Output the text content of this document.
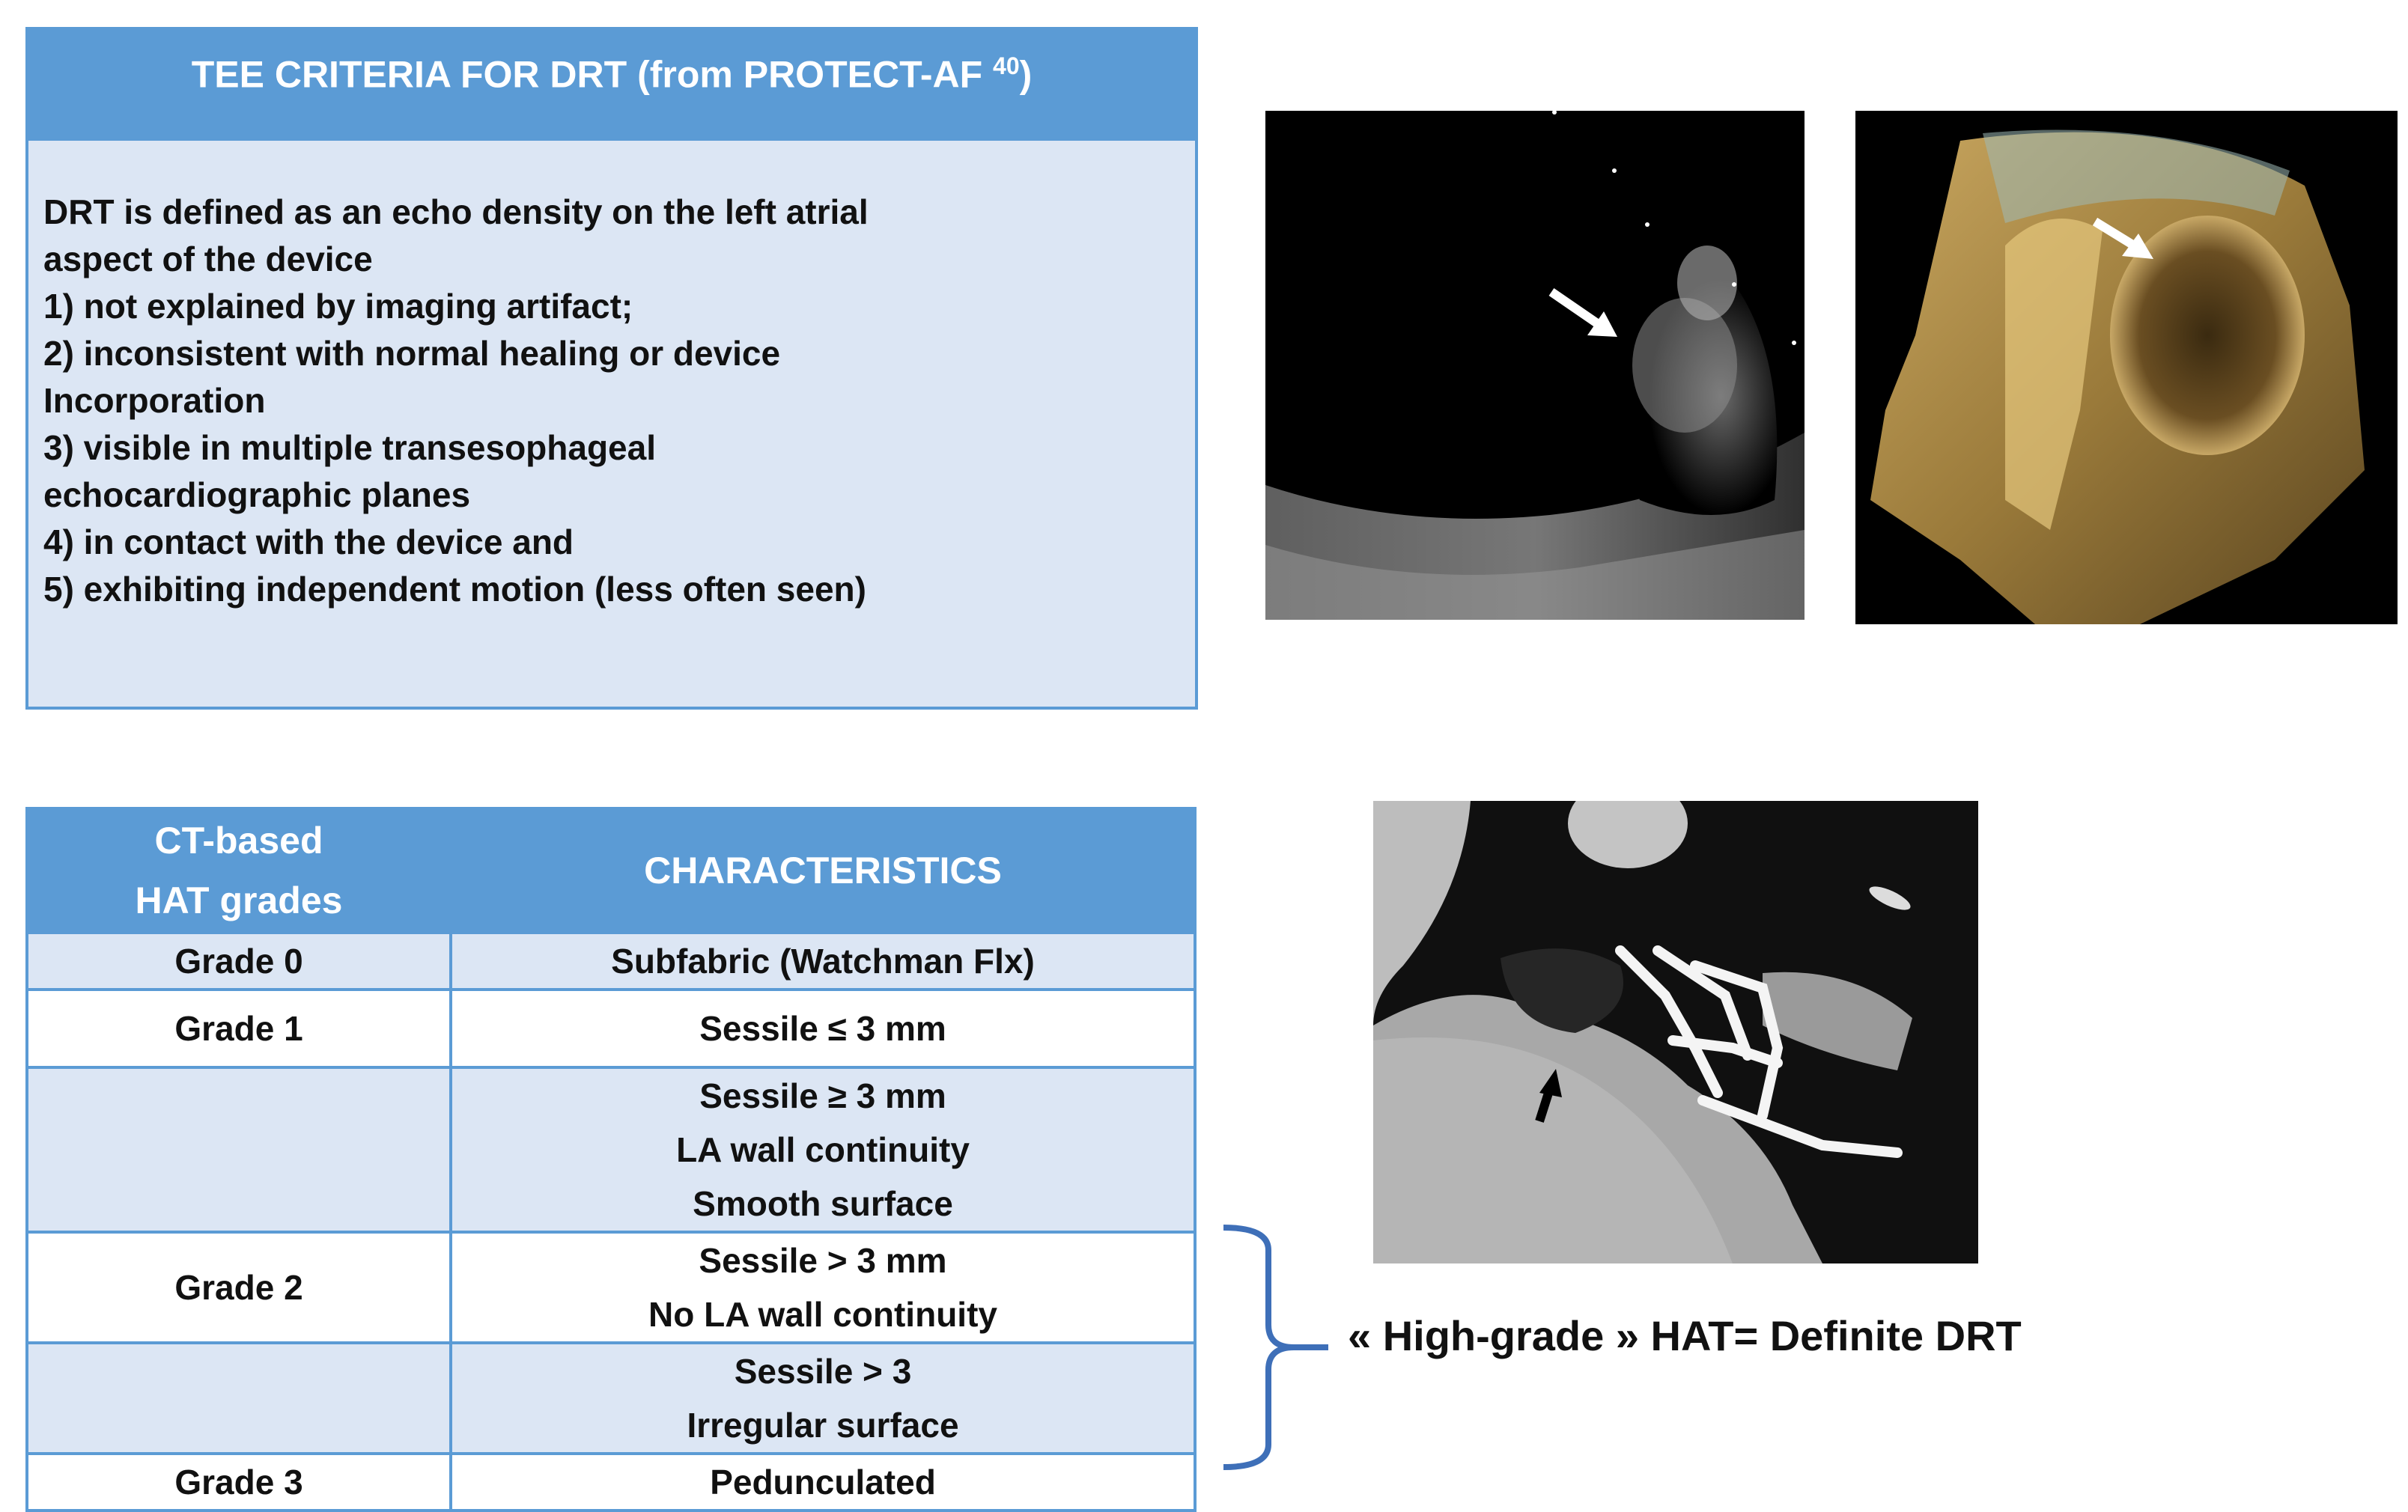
TEE CRITERIA FOR DRT (from PROTECT-AF $^{40}$)
DRT is defined as an echo density on the left atrial
aspect of the device
1) not explained by imaging artifact;
2) inconsistent with normal healing or device
Incorporation
3) visible in multiple transesophageal
echocardiographic planes
4) in contact with the device and
5) exhibiting independent motion (less often seen)
CT-based
HAT grades	CHARACTERISTICS
Grade 0	Subfabric (Watchman Flx)

Grade 1	Sessile ≤ 3 mm

	Sessile ≥ 3 mm
LA wall continuity
Smooth surface

Grade 2	Sessile > 3 mm
No LA wall continuity

	Sessile > 3
Irregular surface

Grade 3	Pedunculated
« High-grade » HAT= Definite DRT
